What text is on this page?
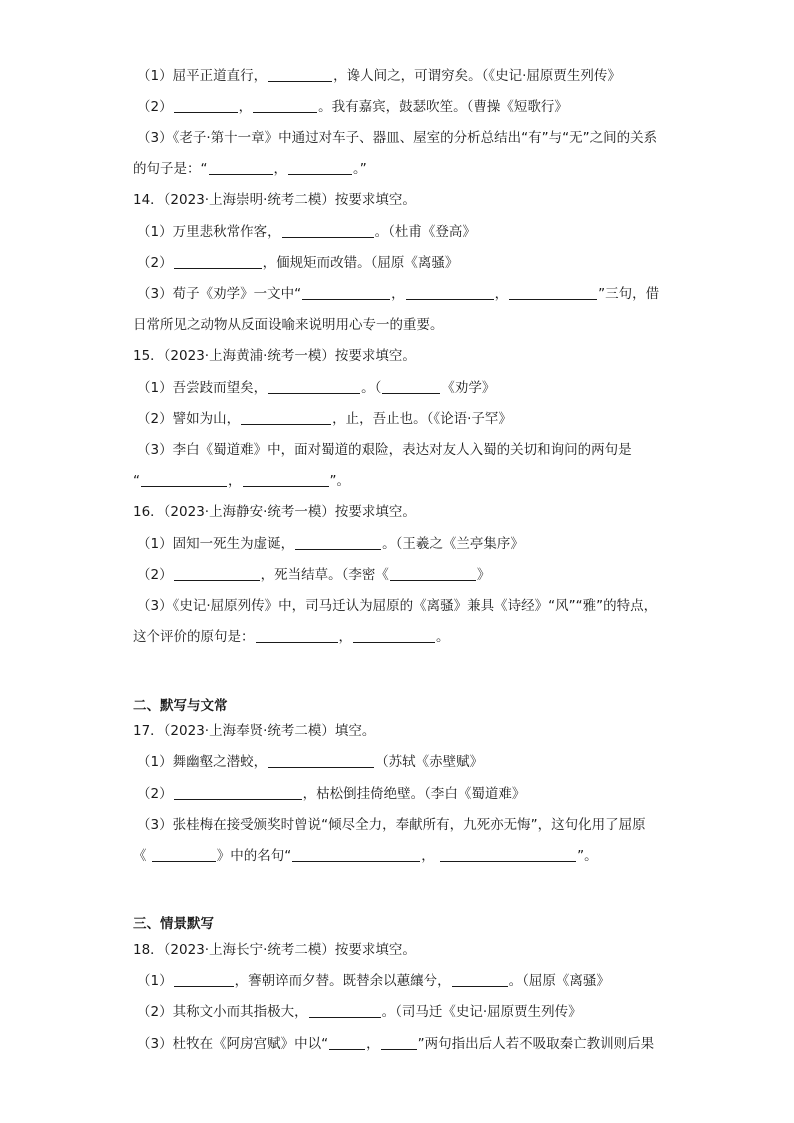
（1）屈平正道直行，	，谗人间之，可谓穷矣。（《史记·屈原贾生列传》
（2）	，	。我有嘉宾，鼓瑟吹笙。（曹操《短歌行》
（3）《老子·第十一章》中通过对车子、器皿、屋室的分析总结出“有”与“无”之间的关系
的句子是：“	，	。”
14．（2023·上海崇明·统考二模）按要求填空。
（1）万里悲秋常作客，	。（杜甫《登高》
（2）	，偭规矩而改错。（屈原《离骚》
（3）荀子《劝学》一文中“	，	，	”三句，借
日常所见之动物从反面设喻来说明用心专一的重要。
15．（2023·上海黄浦·统考一模）按要求填空。
（1）吾尝跂而望矣，	。（	《劝学》
（2）譬如为山，	，止，吾止也。（《论语·子罕》
（3）李白《蜀道难》中，面对蜀道的艰险，表达对友人入蜀的关切和询问的两句是
“	，	”。
16．（2023·上海静安·统考一模）按要求填空。
（1）固知一死生为虚诞，	。（王羲之《兰亭集序》
（2）	，死当结草。（李密《	》
（3）《史记·屈原列传》中，司马迁认为屈原的《离骚》兼具《诗经》“风”“雅”的特点，
这个评价的原句是：	，	。
二、默写与文常
17．（2023·上海奉贤·统考二模）填空。
（1）舞幽壑之潜蛟，	（苏轼《赤壁赋》
（2）	，枯松倒挂倚绝壁。（李白《蜀道难》
（3）张桂梅在接受颁奖时曾说“倾尽全力，奉献所有，九死亦无悔”，这句化用了屈原
《	》中的名句“	，	”。
三、情景默写
18．（2023·上海长宁·统考二模）按要求填空。
（1）	，謇朝谇而夕替。既替余以蕙纕兮，	。（屈原《离骚》
（2）其称文小而其指极大，	。（司马迁《史记·屈原贾生列传》
（3）杜牧在《阿房宫赋》中以“	，	”两句指出后人若不吸取秦亡教训则后果
